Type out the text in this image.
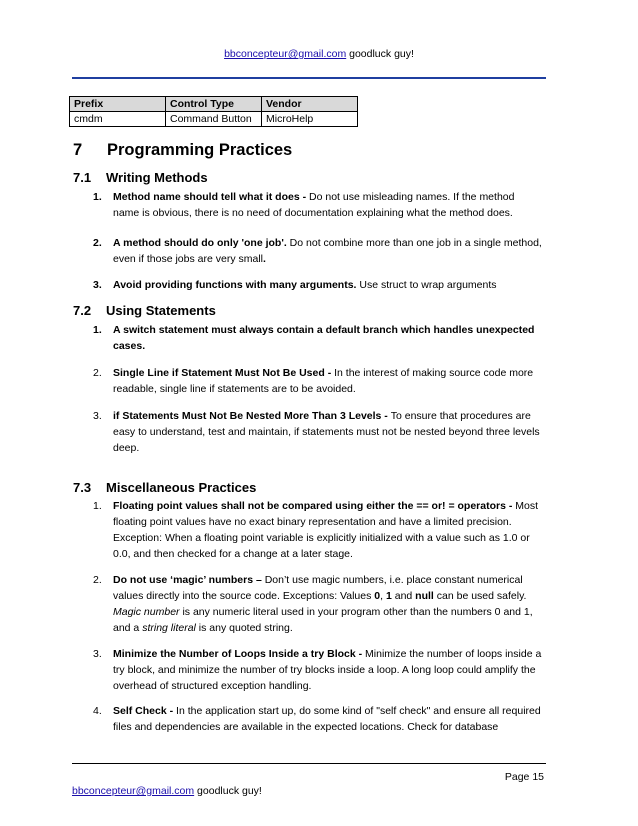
bbconcepteur@gmail.com goodluck guy!
Prefix	Control Type	Vendor
cmdm	Command Button	MicroHelp
7 Programming Practices
7.1 Writing Methods
1.	Method name should tell what it does - Do not use misleading names. If the method name is obvious, there is no need of documentation explaining what the method does.
2.	A method should do only 'one job'. Do not combine more than one job in a single method, even if those jobs are very small.
3.	Avoid providing functions with many arguments. Use struct to wrap arguments
7.2 Using Statements
1.	A switch statement must always contain a default branch which handles unexpected cases.
2.	Single Line if Statement Must Not Be Used - In the interest of making source code more readable, single line if statements are to be avoided.
3.	if Statements Must Not Be Nested More Than 3 Levels - To ensure that procedures are easy to understand, test and maintain, if statements must not be nested beyond three levels deep.
7.3 Miscellaneous Practices
1.	Floating point values shall not be compared using either the == or! = operators - Most floating point values have no exact binary representation and have a limited precision. Exception: When a floating point variable is explicitly initialized with a value such as 1.0 or 0.0, and then checked for a change at a later stage.
2.	Do not use ‘magic’ numbers – Don’t use magic numbers, i.e. place constant numerical values directly into the source code. Exceptions: Values 0, 1 and null can be used safely. Magic number is any numeric literal used in your program other than the numbers 0 and 1, and a string literal is any quoted string.
3.	Minimize the Number of Loops Inside a try Block - Minimize the number of loops inside a try block, and minimize the number of try blocks inside a loop. A long loop could amplify the overhead of structured exception handling.
4.	Self Check - In the application start up, do some kind of "self check" and ensure all required files and dependencies are available in the expected locations. Check for database
Page 15
bbconcepteur@gmail.com goodluck guy!
